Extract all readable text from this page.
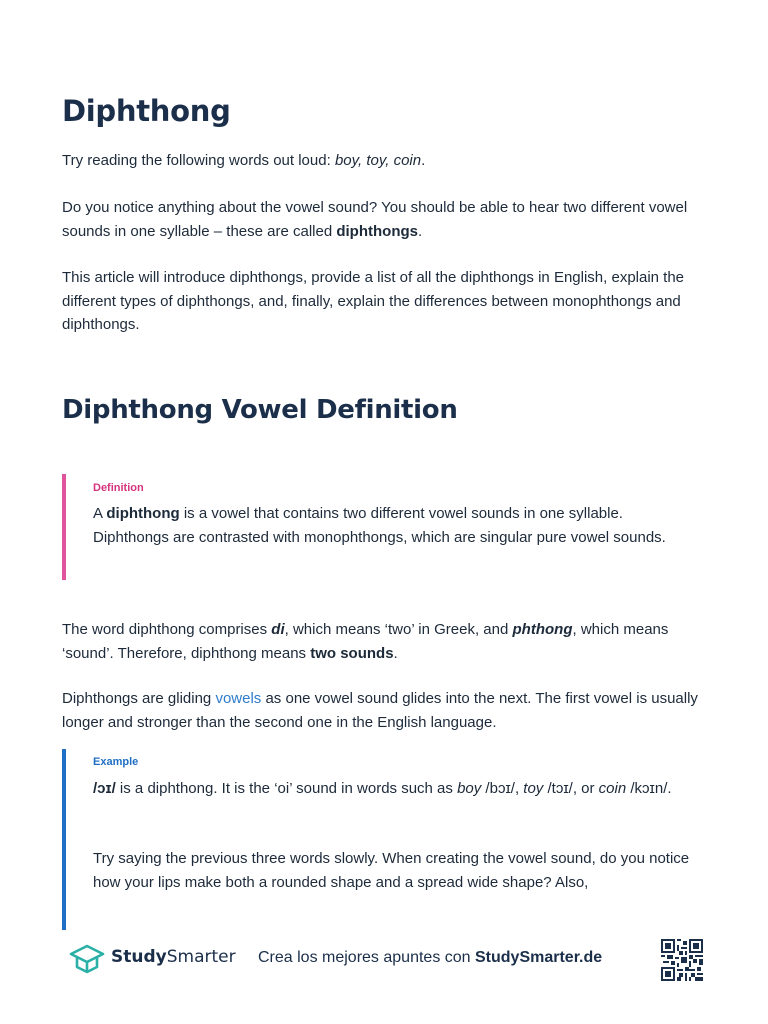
Diphthong

Try reading the following words out loud: boy, toy, coin.

Do you notice anything about the vowel sound? You should be able to hear two different vowel sounds in one syllable – these are called diphthongs.

This article will introduce diphthongs, provide a list of all the diphthongs in English, explain the different types of diphthongs, and, finally, explain the differences between monophthongs and diphthongs.

Diphthong Vowel Definition
Definition

A diphthong is a vowel that contains two different vowel sounds in one syllable. Diphthongs are contrasted with monophthongs, which are singular pure vowel sounds.

The word diphthong comprises di, which means ‘two’ in Greek, and phthong, which means ‘sound’. Therefore, diphthong means two sounds.

Diphthongs are gliding vowels as one vowel sound glides into the next. The first vowel is usually longer and stronger than the second one in the English language.

Example

/ɔɪ/ is a diphthong. It is the ‘oi’ sound in words such as boy /bɔɪ/, toy /tɔɪ/, or coin /kɔɪn/.

Try saying the previous three words slowly. When creating the vowel sound, do you notice how your lips make both a rounded shape and a spread wide shape? Also,

StudySmarter Crea los mejores apuntes con StudySmarter.de
